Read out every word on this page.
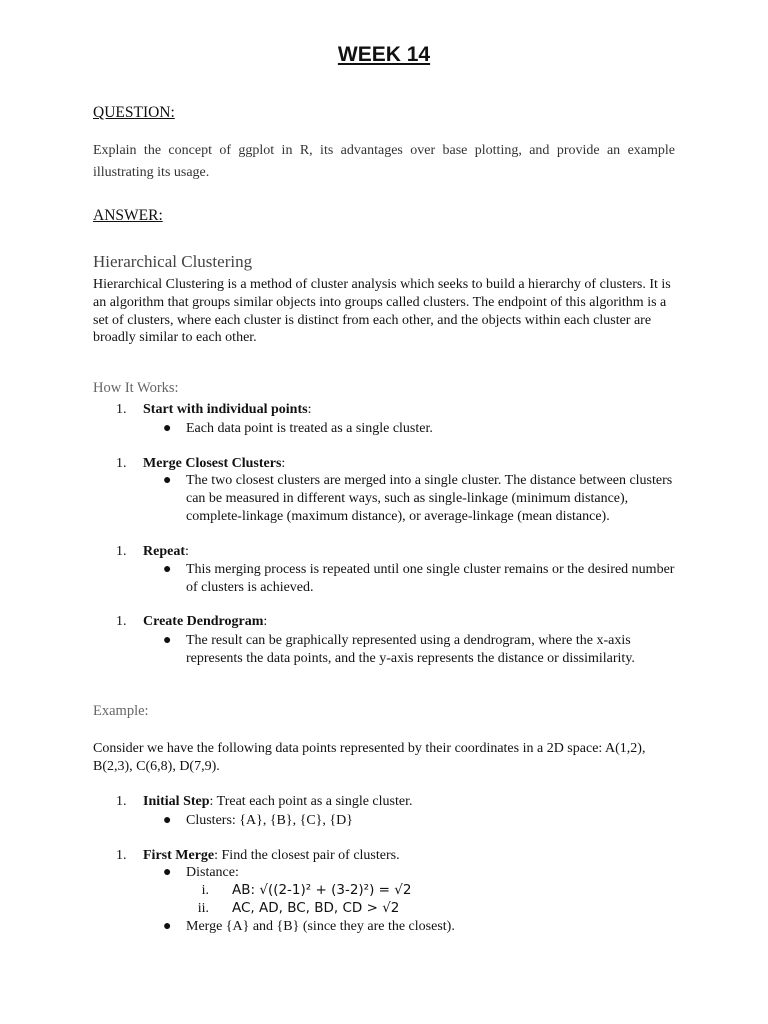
WEEK 14

QUESTION:

Explain the concept of ggplot in R, its advantages over base plotting, and provide an example illustrating its usage.

ANSWER:

Hierarchical Clustering

Hierarchical Clustering is a method of cluster analysis which seeks to build a hierarchy of clusters. It is an algorithm that groups similar objects into groups called clusters. The endpoint of this algorithm is a set of clusters, where each cluster is distinct from each other, and the objects within each cluster are broadly similar to each other.

How It Works:
1. Start with individual points:
● Each data point is treated as a single cluster.
1. Merge Closest Clusters:
● The two closest clusters are merged into a single cluster. The distance between clusters can be measured in different ways, such as single-linkage (minimum distance), complete-linkage (maximum distance), or average-linkage (mean distance).
1. Repeat:
● This merging process is repeated until one single cluster remains or the desired number of clusters is achieved.
1. Create Dendrogram:
● The result can be graphically represented using a dendrogram, where the x-axis represents the data points, and the y-axis represents the distance or dissimilarity.
Example:

Consider we have the following data points represented by their coordinates in a 2D space: A(1,2), B(2,3), C(6,8), D(7,9).

1. Initial Step: Treat each point as a single cluster.
● Clusters: {A}, {B}, {C}, {D}
1. First Merge: Find the closest pair of clusters.
● Distance:
i. AB: √((2-1)² + (3-2)²) = √2
ii. AC, AD, BC, BD, CD > √2
● Merge {A} and {B} (since they are the closest).
